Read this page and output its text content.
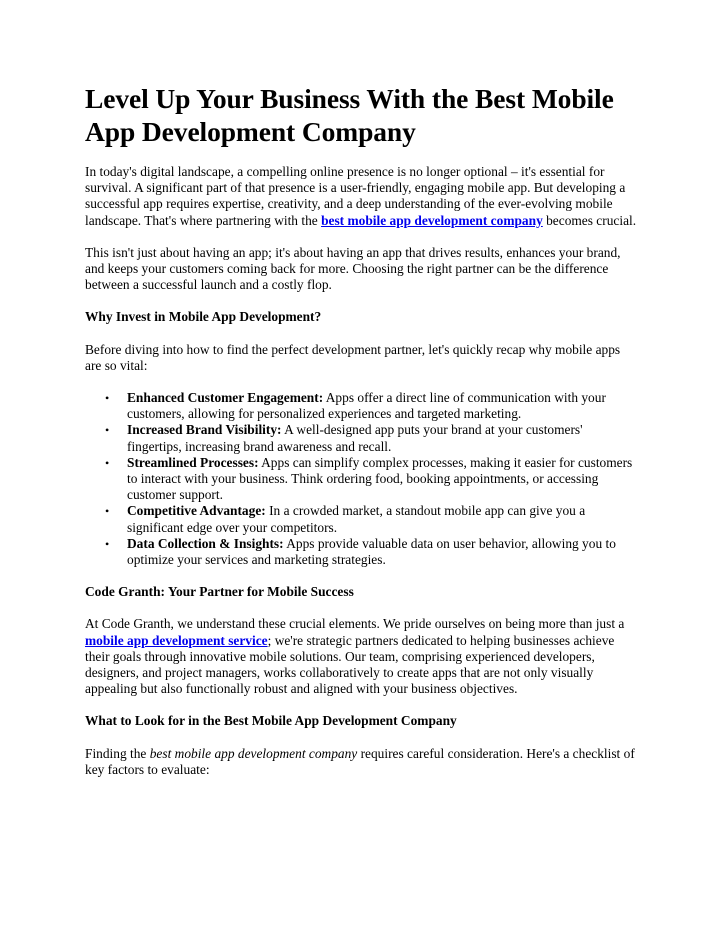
Level Up Your Business With the Best Mobile App Development Company

In today's digital landscape, a compelling online presence is no longer optional – it's essential for survival. A significant part of that presence is a user-friendly, engaging mobile app. But developing a successful app requires expertise, creativity, and a deep understanding of the ever-evolving mobile landscape. That's where partnering with the best mobile app development company becomes crucial.

This isn't just about having an app; it's about having an app that drives results, enhances your brand, and keeps your customers coming back for more. Choosing the right partner can be the difference between a successful launch and a costly flop.

Why Invest in Mobile App Development?

Before diving into how to find the perfect development partner, let's quickly recap why mobile apps are so vital:

• Enhanced Customer Engagement: Apps offer a direct line of communication with your customers, allowing for personalized experiences and targeted marketing.
• Increased Brand Visibility: A well-designed app puts your brand at your customers' fingertips, increasing brand awareness and recall.
• Streamlined Processes: Apps can simplify complex processes, making it easier for customers to interact with your business. Think ordering food, booking appointments, or accessing customer support.
• Competitive Advantage: In a crowded market, a standout mobile app can give you a significant edge over your competitors.
• Data Collection & Insights: Apps provide valuable data on user behavior, allowing you to optimize your services and marketing strategies.
Code Granth: Your Partner for Mobile Success

At Code Granth, we understand these crucial elements. We pride ourselves on being more than just a mobile app development service; we're strategic partners dedicated to helping businesses achieve their goals through innovative mobile solutions. Our team, comprising experienced developers, designers, and project managers, works collaboratively to create apps that are not only visually appealing but also functionally robust and aligned with your business objectives.

What to Look for in the Best Mobile App Development Company

Finding the best mobile app development company requires careful consideration. Here's a checklist of key factors to evaluate:
